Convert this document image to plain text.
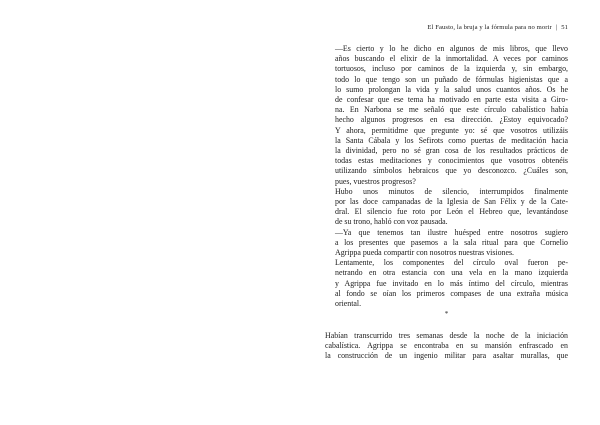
El Fausto, la bruja y la fórmula para no morir | 51

—Es cierto y lo he dicho en algunos de mis libros, que llevo
años buscando el elixir de la inmortalidad. A veces por caminos
tortuosos, incluso por caminos de la izquierda y, sin embargo,
todo lo que tengo son un puñado de fórmulas higienistas que a
lo sumo prolongan la vida y la salud unos cuantos años. Os he
de confesar que ese tema ha motivado en parte esta visita a Giro-
na. En Narbona se me señaló que este círculo cabalístico había
hecho algunos progresos en esa dirección. ¿Estoy equivocado?
Y ahora, permitidme que pregunte yo: sé que vosotros utilizáis
la Santa Cábala y los Sefirots como puertas de meditación hacia
la divinidad, pero no sé gran cosa de los resultados prácticos de
todas estas meditaciones y conocimientos que vosotros obtenéis
utilizando símbolos hebraicos que yo desconozco. ¿Cuáles son,
pues, vuestros progresos?

Hubo unos minutos de silencio, interrumpidos finalmente
por las doce campanadas de la Iglesia de San Félix y de la Cate-
dral. El silencio fue roto por León el Hebreo que, levantándose
de su trono, habló con voz pausada.

—Ya que tenemos tan ilustre huésped entre nosotros sugiero
a los presentes que pasemos a la sala ritual para que Cornelio
Agrippa pueda compartir con nosotros nuestras visiones.

Lentamente, los componentes del círculo oval fueron pe-
netrando en otra estancia con una vela en la mano izquierda
y Agrippa fue invitado en lo más íntimo del círculo, mientras
al fondo se oían los primeros compases de una extraña música
oriental.

*

Habían transcurrido tres semanas desde la noche de la iniciación
cabalística. Agrippa se encontraba en su mansión enfrascado en
la construcción de un ingenio militar para asaltar murallas, que
